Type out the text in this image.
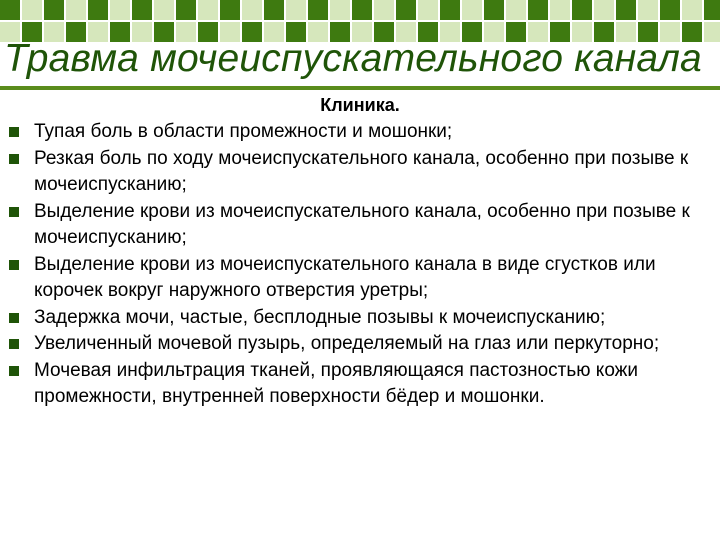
Травма мочеиспускательного канала
Клиника.
Тупая боль в области промежности и мошонки;
Резкая боль по ходу мочеиспускательного канала, особенно при позыве к мочеиспусканию;
Выделение крови из мочеиспускательного канала, особенно при позыве к мочеиспусканию;
Выделение крови из мочеиспускательного канала в виде сгустков или корочек вокруг наружного отверстия уретры;
Задержка мочи, частые, бесплодные позывы к мочеиспусканию;
Увеличенный мочевой пузырь, определяемый на глаз или перкуторно;
Мочевая инфильтрация тканей, проявляющаяся пастозностью кожи промежности, внутренней поверхности бёдер и мошонки.
